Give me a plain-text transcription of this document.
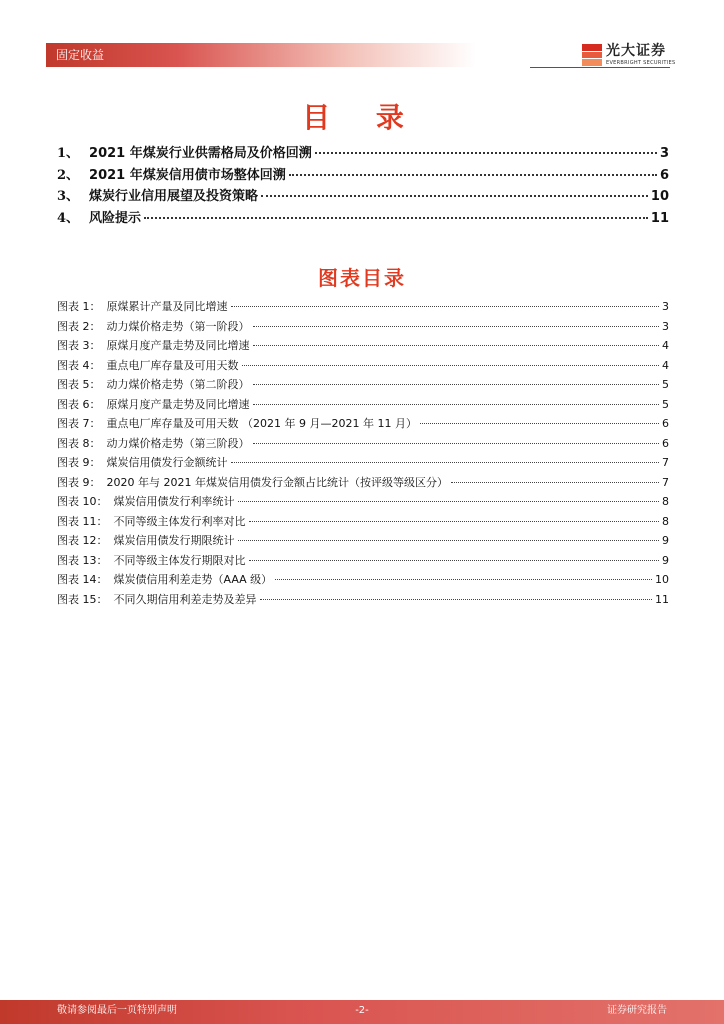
固定收益	光大证券
EVERBRIGHT SECURITIES
目 录
1、 2021 年煤炭行业供需格局及价格回溯	3
2、 2021 年煤炭信用债市场整体回溯	6
3、 煤炭行业信用展望及投资策略	10
4、 风险提示	11
图表目录
图表 1： 原煤累计产量及同比增速	3
图表 2： 动力煤价格走势（第一阶段）	3
图表 3： 原煤月度产量走势及同比增速	4
图表 4： 重点电厂库存量及可用天数	4
图表 5： 动力煤价格走势（第二阶段）	5
图表 6： 原煤月度产量走势及同比增速	5
图表 7： 重点电厂库存量及可用天数 （2021 年 9 月—2021 年 11 月）	6
图表 8： 动力煤价格走势（第三阶段）	6
图表 9： 煤炭信用债发行金额统计	7
图表 9： 2020 年与 2021 年煤炭信用债发行金额占比统计（按评级等级区分）	7
图表 10： 煤炭信用债发行利率统计	8
图表 11： 不同等级主体发行利率对比	8
图表 12： 煤炭信用债发行期限统计	9
图表 13： 不同等级主体发行期限对比	9
图表 14： 煤炭债信用利差走势（AAA 级）	10
图表 15： 不同久期信用利差走势及差异	11
敬请参阅最后一页特别声明	-2-	证券研究报告
